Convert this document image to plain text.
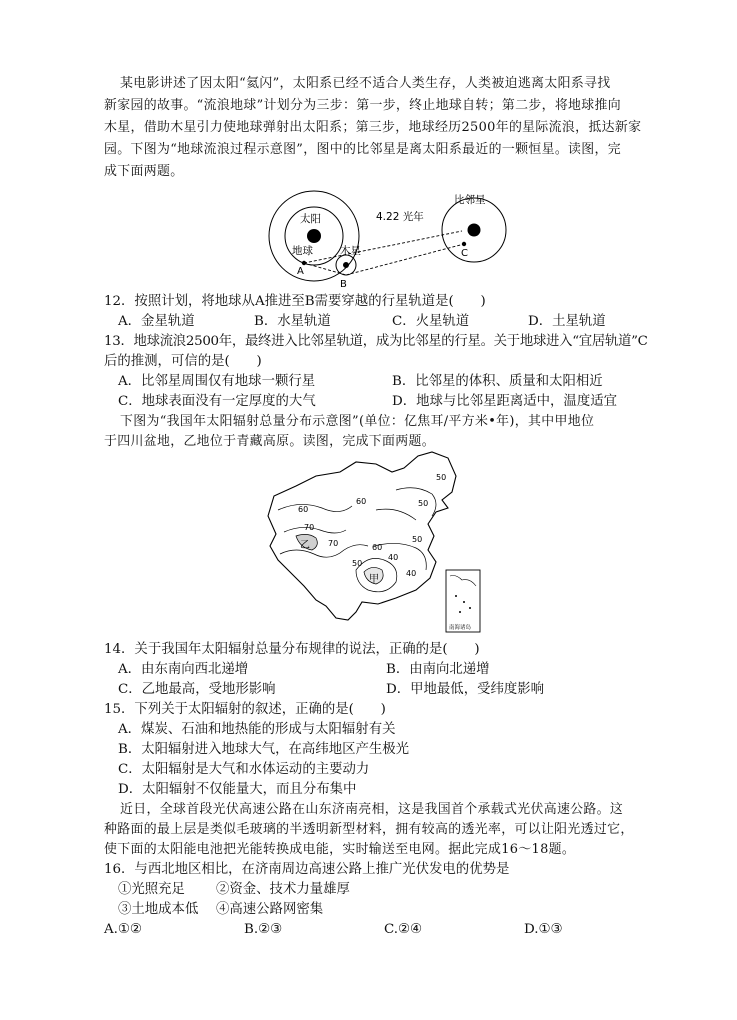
某电影讲述了因太阳“氦闪”，太阳系已经不适合人类生存，人类被迫逃离太阳系寻找
新家园的故事。“流浪地球”计划分为三步：第一步，终止地球自转；第二步，将地球推向
木星，借助木星引力使地球弹射出太阳系；第三步，地球经历2500年的星际流浪，抵达新家
园。下图为“地球流浪过程示意图”，图中的比邻星是离太阳系最近的一颗恒星。读图，完
成下面两题。
太阳
地球	木星
比邻星
4.22 光年
A
B
C
12．按照计划，将地球从A推进至B需要穿越的行星轨道是(　　)
A．金星轨道	B．水星轨道	C．火星轨道	D．土星轨道
13．地球流浪2500年，最终进入比邻星轨道，成为比邻星的行星。关于地球进入“宜居轨道”C
后的推测，可信的是(　　)
A．比邻星周围仅有地球一颗行星	B．比邻星的体积、质量和太阳相近
C．地球表面没有一定厚度的大气	D．地球与比邻星距离适中，温度适宜
下图为“我国年太阳辐射总量分布示意图”(单位：亿焦耳/平方米•年)，其中甲地位
于四川盆地，乙地位于青藏高原。读图，完成下面两题。
50
60
70
60	50
50
40
40
50
60
70
甲
乙
南海诸岛
14．关于我国年太阳辐射总量分布规律的说法，正确的是(　　)
A．由东南向西北递增	B．由南向北递增
C．乙地最高，受地形影响	D．甲地最低，受纬度影响
15．下列关于太阳辐射的叙述，正确的是(　　)
A．煤炭、石油和地热能的形成与太阳辐射有关
B．太阳辐射进入地球大气，在高纬地区产生极光
C．太阳辐射是大气和水体运动的主要动力
D．太阳辐射不仅能量大，而且分布集中
近日，全球首段光伏高速公路在山东济南亮相，这是我国首个承载式光伏高速公路。这
种路面的最上层是类似毛玻璃的半透明新型材料，拥有较高的透光率，可以让阳光透过它，
使下面的太阳能电池把光能转换成电能，实时输送至电网。据此完成16～18题。
16．与西北地区相比，在济南周边高速公路上推广光伏发电的优势是
①光照充足 ②资金、技术力量雄厚
③土地成本低 ④高速公路网密集
A.①②	B.②③	C.②④	D.①③
